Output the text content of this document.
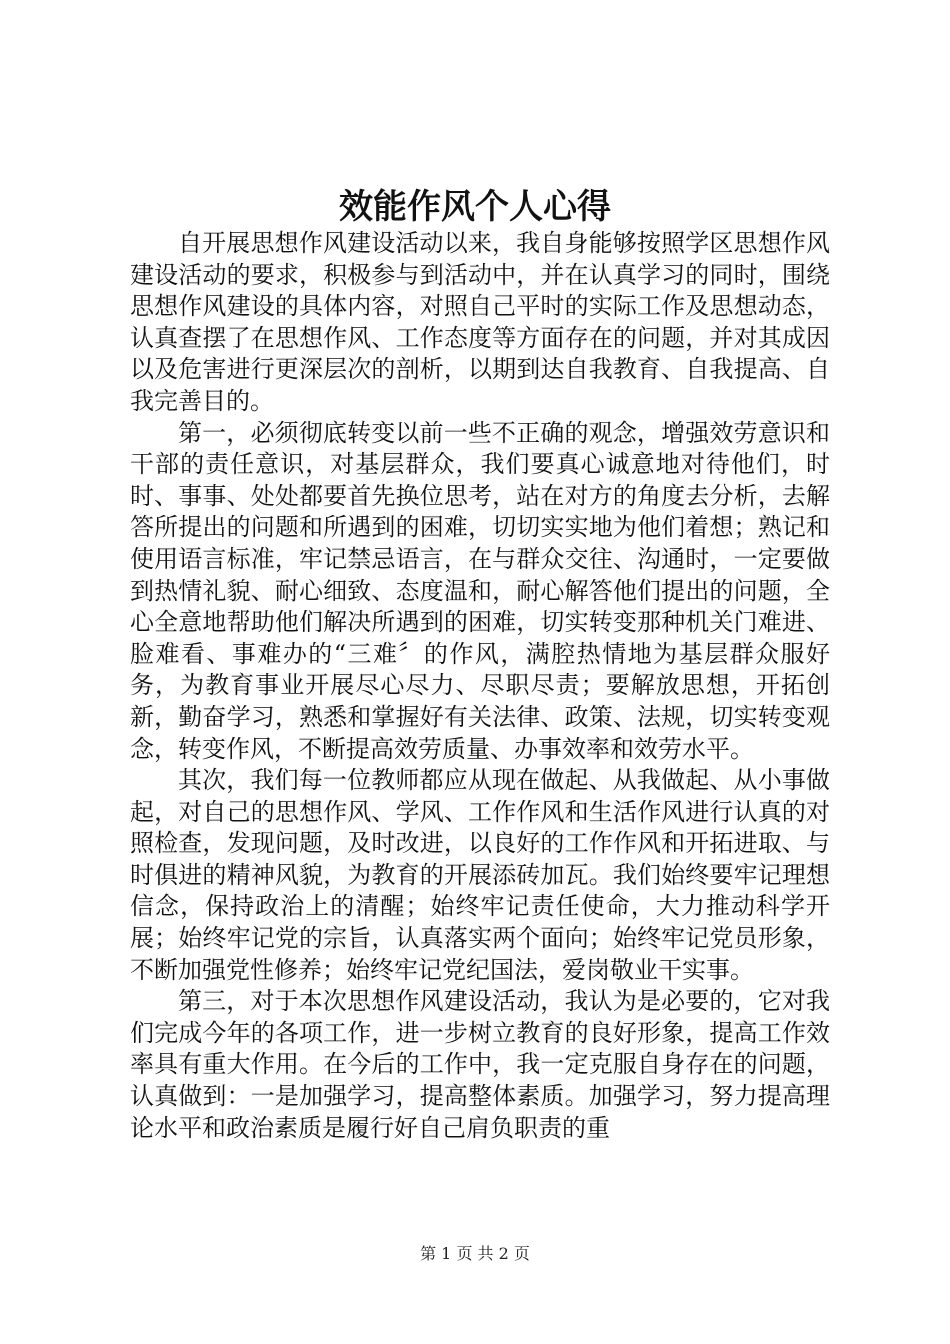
效能作风个人心得

自开展思想作风建设活动以来，我自身能够按照学区思想作风建设活动的要求，积极参与到活动中，并在认真学习的同时，围绕思想作风建设的具体内容，对照自己平时的实际工作及思想动态，认真查摆了在思想作风、工作态度等方面存在的问题，并对其成因以及危害进行更深层次的剖析，以期到达自我教育、自我提高、自我完善目的。

第一，必须彻底转变以前一些不正确的观念，增强效劳意识和干部的责任意识，对基层群众，我们要真心诚意地对待他们，时时、事事、处处都要首先换位思考，站在对方的角度去分析，去解答所提出的问题和所遇到的困难，切切实实地为他们着想；熟记和使用语言标准，牢记禁忌语言，在与群众交往、沟通时，一定要做到热情礼貌、耐心细致、态度温和，耐心解答他们提出的问题，全心全意地帮助他们解决所遇到的困难，切实转变那种机关门难进、脸难看、事难办的“三难〞的作风，满腔热情地为基层群众服好务，为教育事业开展尽心尽力、尽职尽责；要解放思想，开拓创新，勤奋学习，熟悉和掌握好有关法律、政策、法规，切实转变观念，转变作风，不断提高效劳质量、办事效率和效劳水平。

其次，我们每一位教师都应从现在做起、从我做起、从小事做起，对自己的思想作风、学风、工作作风和生活作风进行认真的对照检查，发现问题，及时改进，以良好的工作作风和开拓进取、与时俱进的精神风貌，为教育的开展添砖加瓦。我们始终要牢记理想信念，保持政治上的清醒；始终牢记责任使命，大力推动科学开展；始终牢记党的宗旨，认真落实两个面向；始终牢记党员形象，不断加强党性修养；始终牢记党纪国法，爱岗敬业干实事。

第三，对于本次思想作风建设活动，我认为是必要的，它对我们完成今年的各项工作，进一步树立教育的良好形象，提高工作效率具有重大作用。在今后的工作中，我一定克服自身存在的问题，认真做到：一是加强学习，提高整体素质。加强学习，努力提高理论水平和政治素质是履行好自己肩负职责的重

第 1 页 共 2 页
